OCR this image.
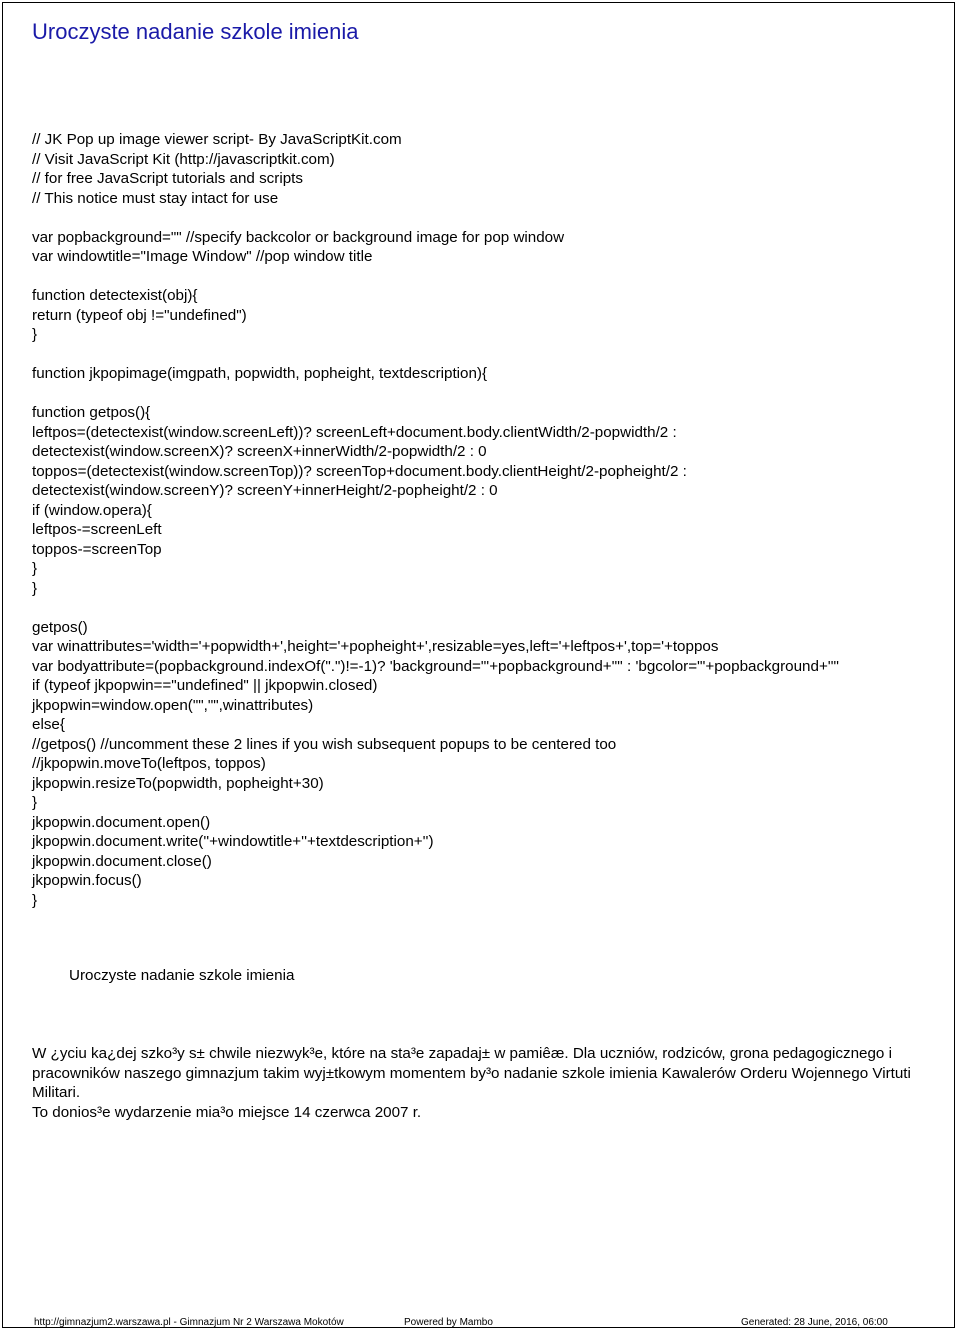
Uroczyste nadanie szkole imienia
// JK Pop up image viewer script- By JavaScriptKit.com
// Visit JavaScript Kit (http://javascriptkit.com)
// for free JavaScript tutorials and scripts
// This notice must stay intact for use
var popbackground="" //specify backcolor or background image for pop window
var windowtitle="Image Window" //pop window title
function detectexist(obj){
return (typeof obj !="undefined")
}
function jkpopimage(imgpath, popwidth, popheight, textdescription){
function getpos(){
leftpos=(detectexist(window.screenLeft))? screenLeft+document.body.clientWidth/2-popwidth/2 :
detectexist(window.screenX)? screenX+innerWidth/2-popwidth/2 : 0
toppos=(detectexist(window.screenTop))? screenTop+document.body.clientHeight/2-popheight/2 :
detectexist(window.screenY)? screenY+innerHeight/2-popheight/2 : 0
if (window.opera){
leftpos-=screenLeft
toppos-=screenTop
}
}
getpos()
var winattributes='width='+popwidth+',height='+popheight+',resizable=yes,left='+leftpos+',top='+toppos
var bodyattribute=(popbackground.indexOf(".")!=-1)? 'background="'+popbackground+'"' : 'bgcolor="'+popbackground+'"'
if (typeof jkpopwin=="undefined" || jkpopwin.closed)
jkpopwin=window.open("","",winattributes)
else{
//getpos() //uncomment these 2 lines if you wish subsequent popups to be centered too
//jkpopwin.moveTo(leftpos, toppos)
jkpopwin.resizeTo(popwidth, popheight+30)
}
jkpopwin.document.open()
jkpopwin.document.write(''+windowtitle+''+textdescription+'')
jkpopwin.document.close()
jkpopwin.focus()
}
Uroczyste nadanie szkole imienia

W ¿yciu ka¿dej szko³y s± chwile niezwyk³e, które na sta³e zapadaj± w pamiêæ. Dla uczniów, rodziców, grona pedagogicznego i pracowników naszego gimnazjum takim wyj±tkowym momentem by³o nadanie szkole imienia Kawalerów Orderu Wojennego Virtuti Militari.

To donios³e wydarzenie mia³o miejsce 14 czerwca 2007 r.

http://gimnazjum2.warszawa.pl - Gimnazjum Nr 2 Warszawa Mokotów	Powered by Mambo	Generated: 28 June, 2016, 06:00
